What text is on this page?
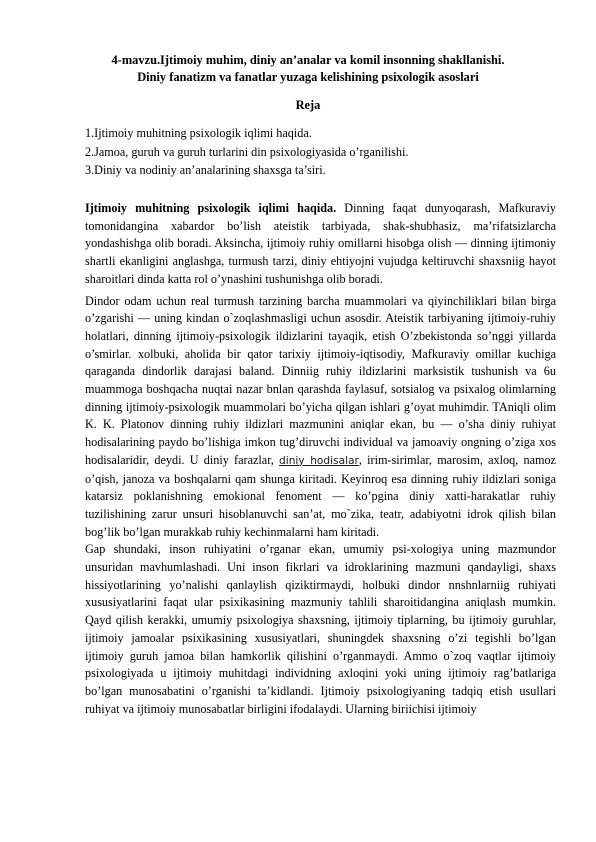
4-mavzu.Ijtimoiy muhim, diniy an’analar va komil insonning shakllanishi.
Diniy fanatizm va fanatlar yuzaga kelishining psixologik asoslari
Reja
1.Ijtimoiy muhitning psixologik iqlimi haqida.
2.Jamoa, guruh va guruh turlarini din psixologiyasida o’rganilishi.
3.Diniy va nodiniy an’analarining shaxsga ta’siri.

Ijtimoiy muhitning psixologik iqlimi haqida. Dinning faqat dunyoqarash, Mafkuraviy tomonidangina xabardor bo’lish ateistik tarbiyada, shak-shubhasiz, ma’rifatsizlarcha yondashishga olib boradi. Aksincha, ijtimoiy ruhiy omillarni hisobga olish — dinning ijtimoniy shartli ekanligini anglashga, turmush tarzi, diniy ehtiyojni vujudga keltiruvchi shaxsniig hayot sharoitlari dinda katta rol o’ynashini tushunishga olib boradi.

Dindor odam uchun real turmush tarzining barcha muammolari va qiyinchiliklari bilan birga o’zgarishi — uning kindan o`zoqlashmasligi uchun asosdir. Ateistik tarbiyaning ijtimoiy-ruhiy holatlari, dinning ijtimoiy-psixologik ildizlarini tayaqik, etish O’zbekistonda so’nggi yillarda o’smirlar. xolbuki, aholida bir qator tarixiy ijtimoiy-iqtisodiy, Mafkuraviy omillar kuchiga qaraganda dindorlik darajasi baland. Dinniig ruhiy ildizlarini marksistik tushunish va 6u muammoga boshqacha nuqtai nazar bnlan qarashda faylasuf, sotsialog va psixalog olimlarning dinning ijtimoiy-psixologik muammolari bo’yicha qilgan ishlari g’oyat muhimdir. TAniqli olim K. K. Platonov dinning ruhiy ildizlari mazmunini aniqlar ekan, bu — o’sha diniy ruhiyat hodisalarining paydo bo’lishiga imkon tug’diruvchi individual va jamoaviy ongning o’ziga xos hodisalaridir, deydi. U diniy farazlar, diniy hodisalar, irim-sirimlar, marosim, axloq, namoz o’qish, janoza va boshqalarni qam shunga kiritadi. Keyinroq esa dinning ruhiy ildizlari soniga katarsiz poklanishning emokional fenoment — ko’pgina diniy xatti-harakatlar ruhiy tuzilishining zarur unsuri hisoblanuvchi san’at, mo`zika, teatr, adabiyotni idrok qilish bilan bog’lik bo’lgan murakkab ruhiy kechinmalarni ham kiritadi.

Gap shundaki, inson ruhiyatini o’rganar ekan, umumiy psi-xologiya uning mazmundor unsuridan mavhumlashadi. Uni inson fikrlari va idroklarining mazmuni qandayligi, shaxs hissiyotlarining yo’nalishi qanlaylish qiziktirmaydi, holbuki dindor nnshnlarniig ruhiyati xususiyatlarini faqat ular psixikasining mazmuniy tahlili sharoitidangina aniqlash mumkin. Qayd qilish kerakki, umumiy psixologiya shaxsning, ijtimoiy tiplarning, bu ijtimoiy guruhlar, ijtimoiy jamoalar psixikasining xususiyatlari, shuningdek shaxsning o’zi tegishli bo’lgan ijtimoiy guruh jamoa bilan hamkorlik qilishini o’rganmaydi. Ammo o`zoq vaqtlar ijtimoiy psixologiyada u ijtimoiy muhitdagi individning axloqini yoki uning ijtimoiy rag’batlariga bo’lgan munosabatini o’rganishi ta’kidlandi. Ijtimoiy psixologiyaning tadqiq etish usullari ruhiyat va ijtimoiy munosabatlar birligini ifodalaydi. Ularning biriichisi ijtimoiy
